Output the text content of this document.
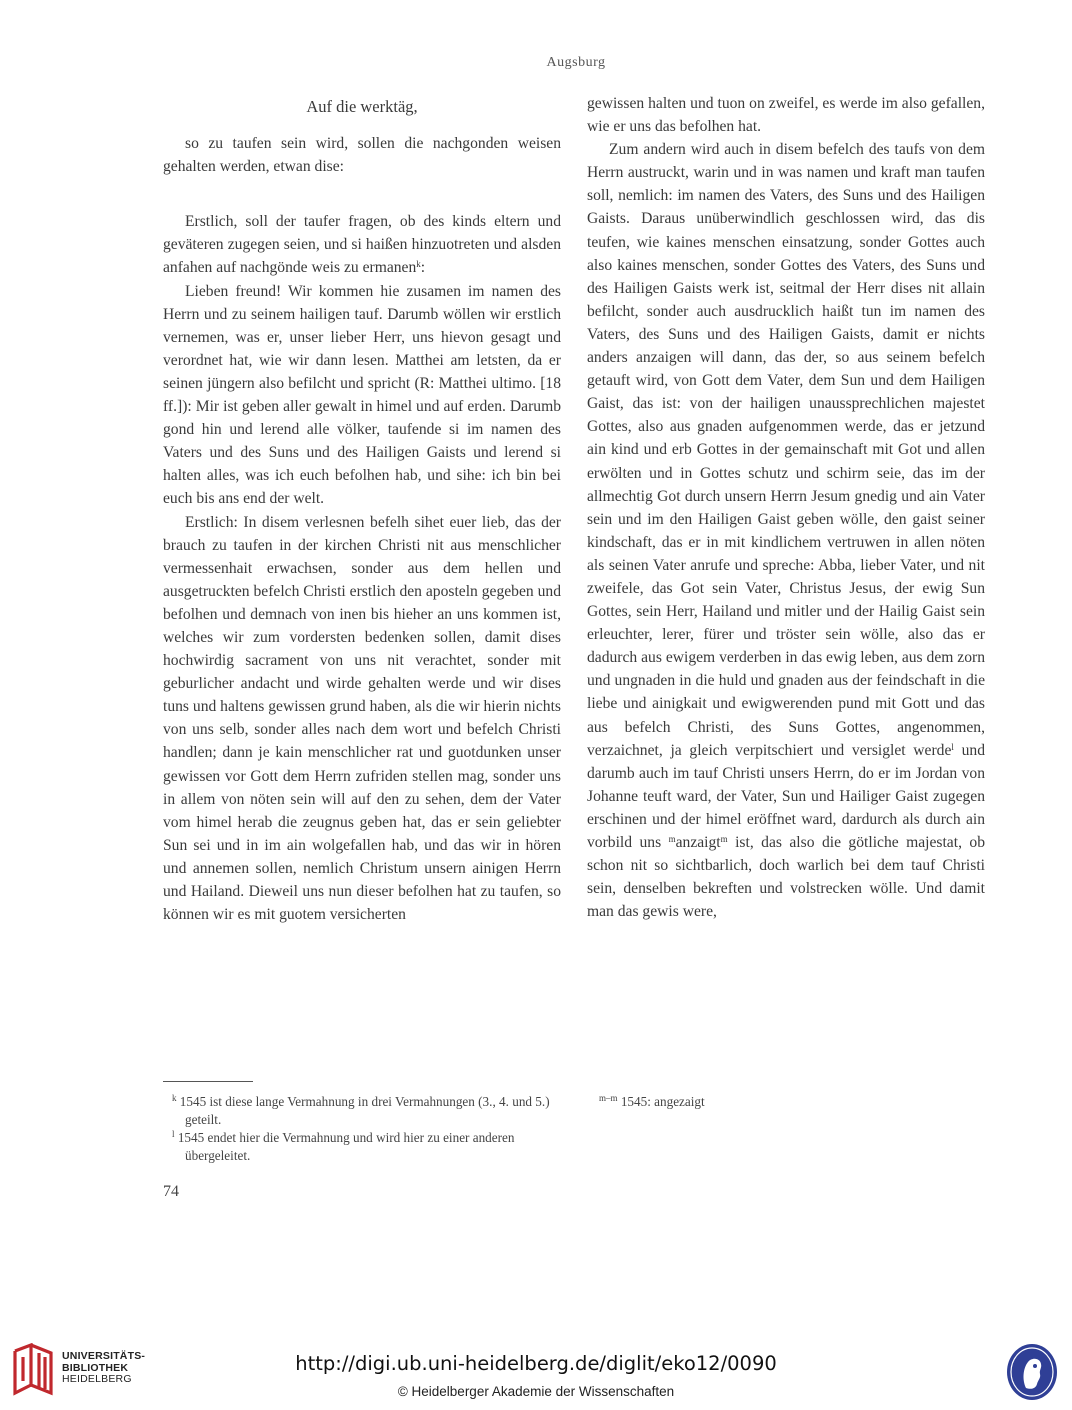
Augsburg
Auf die werktäg,

so zu taufen sein wird, sollen die nachgonden weisen gehalten werden, etwan dise:

Erstlich, soll der taufer fragen, ob des kinds eltern und geväteren zugegen seien, und si haißen hinzuotreten und alsden anfahen auf nachgönde weis zu ermanen$^k$:

Lieben freund! Wir kommen hie zusamen im namen des Herrn und zu seinem hailigen tauf. Darumb wöllen wir erstlich vernemen, was er, unser lieber Herr, uns hievon gesagt und verordnet hat, wie wir dann lesen. Matthei am letsten, da er seinen jüngern also befilcht und spricht (R: Matthei ultimo. [18 ff.]): Mir ist geben aller gewalt in himel und auf erden. Darumb gond hin und lerend alle völker, taufende si im namen des Vaters und des Suns und des Hailigen Gaists und lerend si halten alles, was ich euch befolhen hab, und sihe: ich bin bei euch bis ans end der welt.

Erstlich: In disem verlesnen befelh sihet euer lieb, das der brauch zu taufen in der kirchen Christi nit aus menschlicher vermessenhait erwachsen, sonder aus dem hellen und ausgetruckten befelch Christi erstlich den aposteln gegeben und befolhen und demnach von inen bis hieher an uns kommen ist, welches wir zum vordersten bedenken sollen, damit dises hochwirdig sacrament von uns nit verachtet, sonder mit geburlicher andacht und wirde gehalten werde und wir dises tuns und haltens gewissen grund haben, als die wir hierin nichts von uns selb, sonder alles nach dem wort und befelch Christi handlen; dann je kain menschlicher rat und guotdunken unser gewissen vor Gott dem Herrn zufriden stellen mag, sonder uns in allem von nöten sein will auf den zu sehen, dem der Vater vom himel herab die zeugnus geben hat, das er sein geliebter Sun sei und in im ain wolgefallen hab, und das wir in hören und annemen sollen, nemlich Christum unsern ainigen Herrn und Hailand. Dieweil uns nun dieser befolhen hat zu taufen, so können wir es mit guotem versicherten

gewissen halten und tuon on zweifel, es werde im also gefallen, wie er uns das befolhen hat.

Zum andern wird auch in disem befelch des taufs von dem Herrn austruckt, warin und in was namen und kraft man taufen soll, nemlich: im namen des Vaters, des Suns und des Hailigen Gaists. Daraus unüberwindlich geschlossen wird, das dis teufen, wie kaines menschen einsatzung, sonder Gottes auch also kaines menschen, sonder Gottes des Vaters, des Suns und des Hailigen Gaists werk ist, seitmal der Herr dises nit allain befilcht, sonder auch ausdrucklich haißt tun im namen des Vaters, des Suns und des Hailigen Gaists, damit er nichts anders anzaigen will dann, das der, so aus seinem befelch getauft wird, von Gott dem Vater, dem Sun und dem Hailigen Gaist, das ist: von der hailigen unaussprechlichen majestet Gottes, also aus gnaden aufgenommen werde, das er jetzund ain kind und erb Gottes in der gemainschaft mit Got und allen erwölten und in Gottes schutz und schirm seie, das im der allmechtig Got durch unsern Herrn Jesum gnedig und ain Vater sein und im den Hailigen Gaist geben wölle, den gaist seiner kindschaft, das er in mit kindlichem vertruwen in allen nöten als seinen Vater anrufe und spreche: Abba, lieber Vater, und nit zweifele, das Got sein Vater, Christus Jesus, der ewig Sun Gottes, sein Herr, Hailand und mitler und der Hailig Gaist sein erleuchter, lerer, fürer und tröster sein wölle, also das er dadurch aus ewigem verderben in das ewig leben, aus dem zorn und ungnaden in die huld und gnaden aus der feindschaft in die liebe und ainigkait und ewigwerenden pund mit Gott und das aus befelch Christi, des Suns Gottes, angenommen, verzaichnet, ja gleich verpitschiert und versiglet werde$^l$ und darumb auch im tauf Christi unsers Herrn, do er im Jordan von Johanne teuft ward, der Vater, Sun und Hailiger Gaist zugegen erschinen und der himel eröffnet ward, dardurch als durch ain vorbild uns $^m$anzaigt$^m$ ist, das also die götliche majestat, ob schon nit so sichtbarlich, doch warlich bei dem tauf Christi sein, denselben bekreften und volstrecken wölle. Und damit man das gewis were,

$^k$ 1545 ist diese lange Vermahnung in drei Vermahnungen (3., 4. und 5.) geteilt.
$^l$ 1545 endet hier die Vermahnung und wird hier zu einer anderen übergeleitet.
$^{m-m}$ 1545: angezaigt
74
UNIVERSITÄTS-
BIBLIOTHEK
HEIDELBERG
http://digi.ub.uni-heidelberg.de/diglit/eko12/0090
© Heidelberger Akademie der Wissenschaften
